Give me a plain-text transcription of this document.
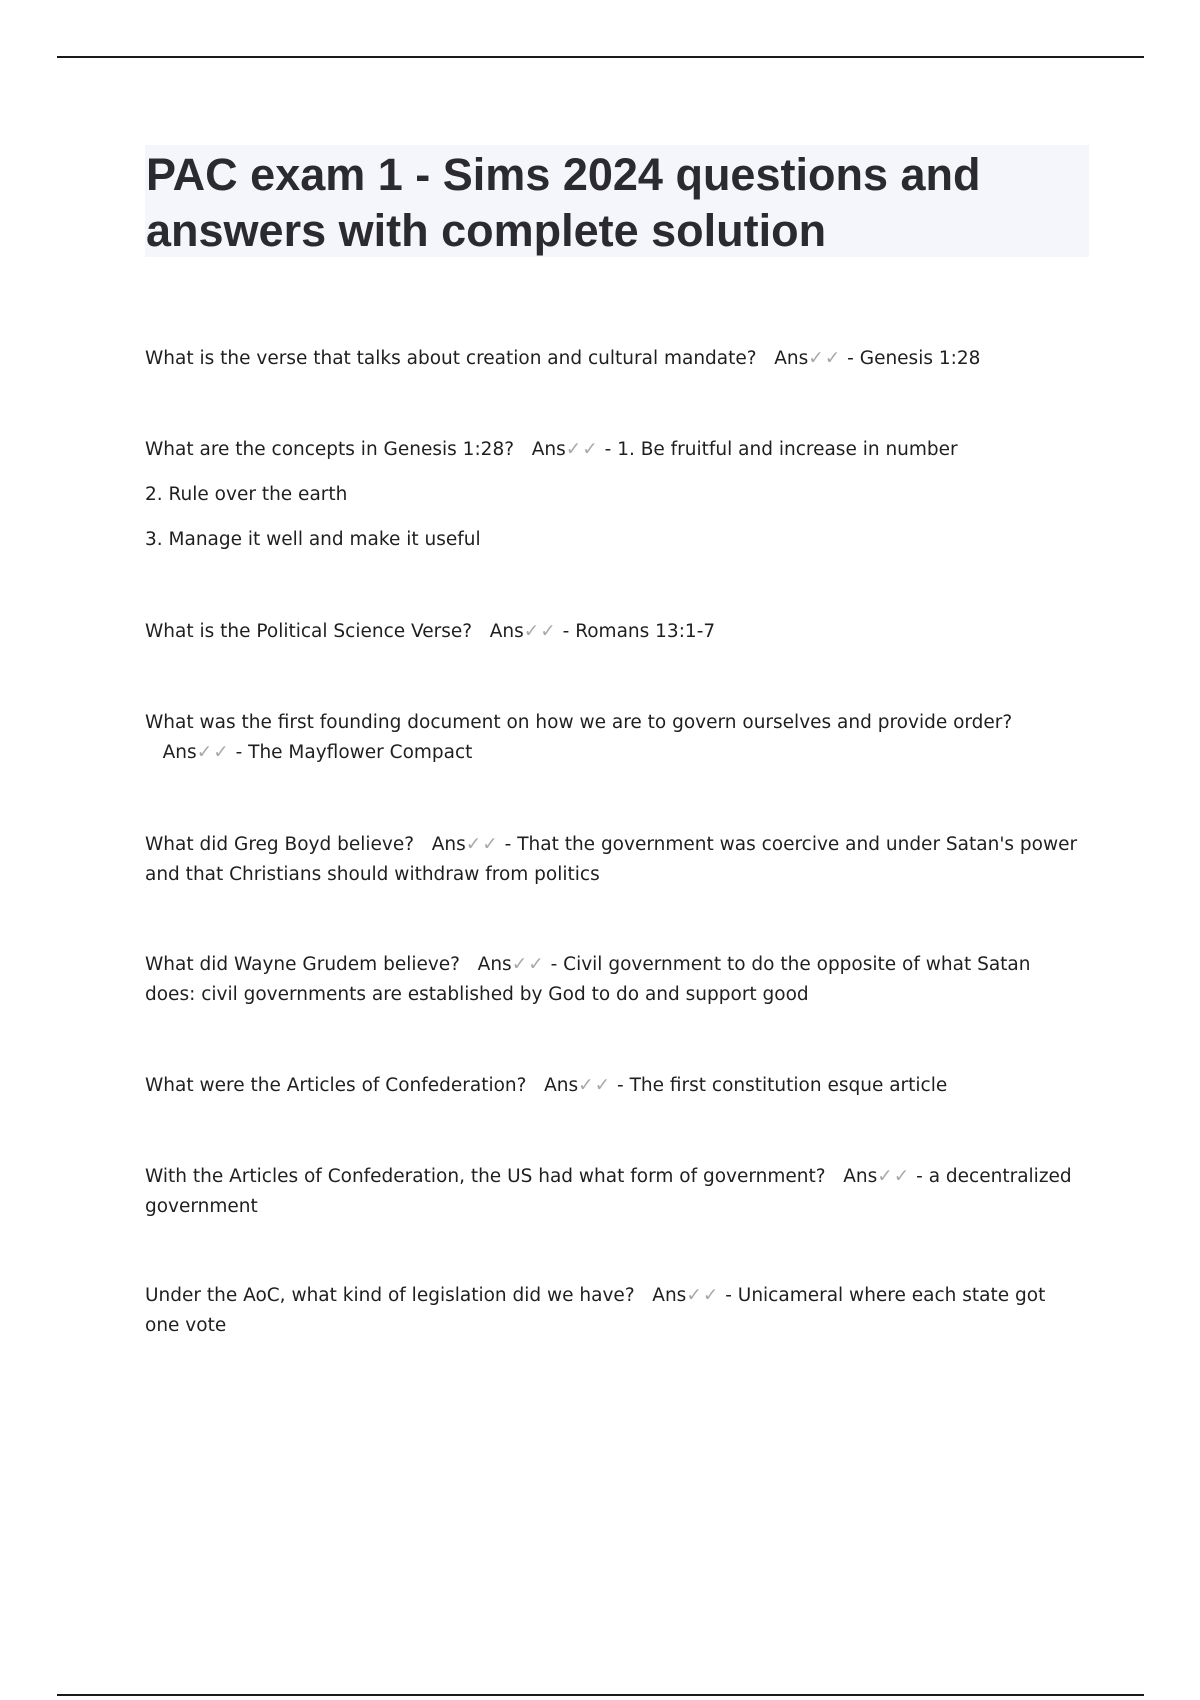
PAC exam 1 - Sims 2024 questions and answers with complete solution

What is the verse that talks about creation and cultural mandate? Ans✓✓ - Genesis 1:28

What are the concepts in Genesis 1:28? Ans✓✓ - 1. Be fruitful and increase in number

2. Rule over the earth

3. Manage it well and make it useful

What is the Political Science Verse? Ans✓✓ - Romans 13:1-7

What was the first founding document on how we are to govern ourselves and provide order?   Ans✓✓ - The Mayflower Compact

What did Greg Boyd believe? Ans✓✓ - That the government was coercive and under Satan's power and that Christians should withdraw from politics

What did Wayne Grudem believe? Ans✓✓ - Civil government to do the opposite of what Satan does: civil governments are established by God to do and support good

What were the Articles of Confederation? Ans✓✓ - The first constitution esque article

With the Articles of Confederation, the US had what form of government? Ans✓✓ - a decentralized government

Under the AoC, what kind of legislation did we have? Ans✓✓ - Unicameral where each state got one vote
